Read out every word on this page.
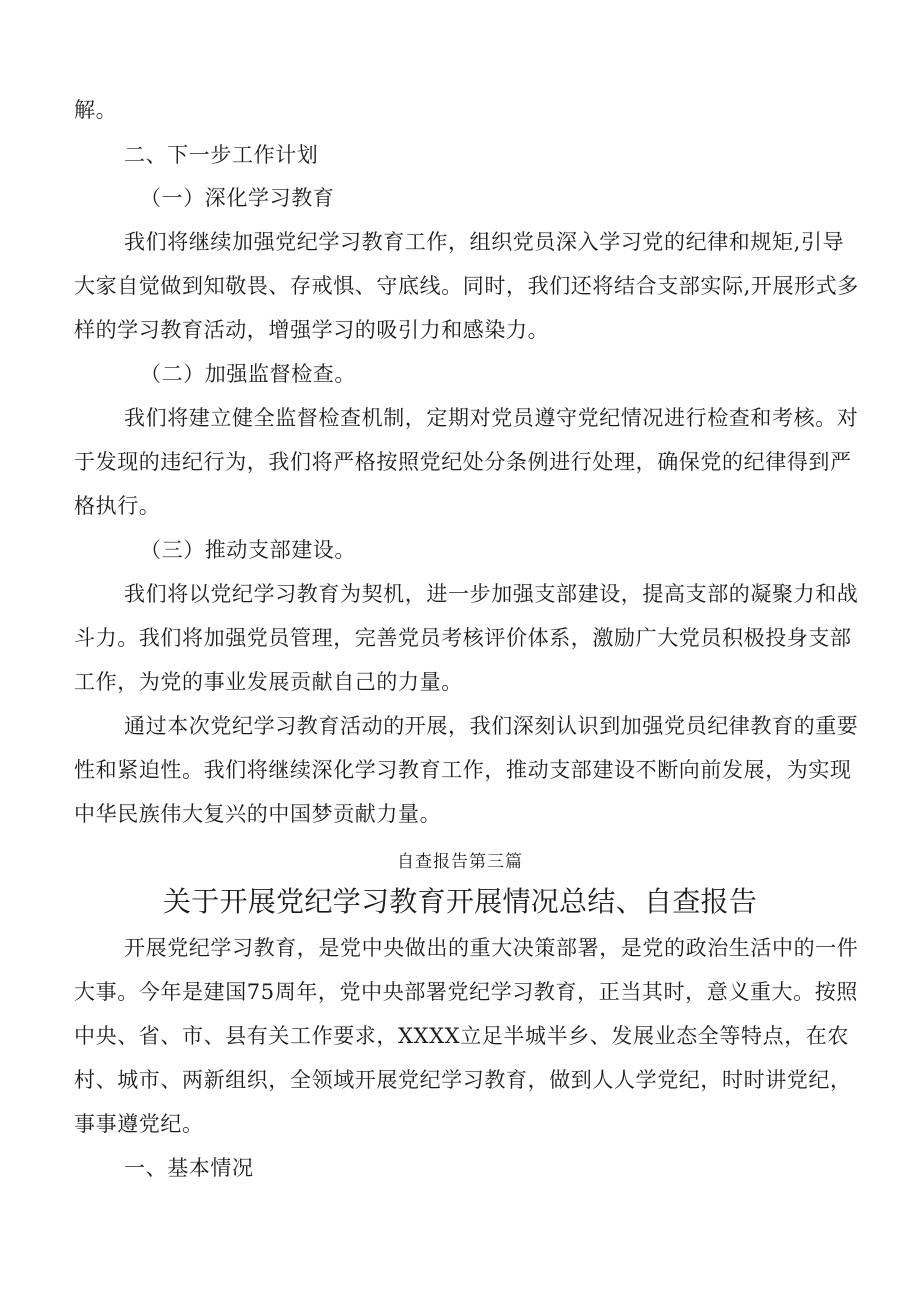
解。
二、下一步工作计划
（一）深化学习教育
我们将继续加强党纪学习教育工作，组织党员深入学习党的纪律和规矩,引导
大家自觉做到知敬畏、存戒惧、守底线。同时，我们还将结合支部实际,开展形式多
样的学习教育活动，增强学习的吸引力和感染力。
（二）加强监督检查。
我们将建立健全监督检查机制，定期对党员遵守党纪情况进行检查和考核。对
于发现的违纪行为，我们将严格按照党纪处分条例进行处理，确保党的纪律得到严
格执行。
（三）推动支部建设。
我们将以党纪学习教育为契机，进一步加强支部建设，提高支部的凝聚力和战
斗力。我们将加强党员管理，完善党员考核评价体系，激励广大党员积极投身支部
工作，为党的事业发展贡献自己的力量。
通过本次党纪学习教育活动的开展，我们深刻认识到加强党员纪律教育的重要
性和紧迫性。我们将继续深化学习教育工作，推动支部建设不断向前发展，为实现
中华民族伟大复兴的中国梦贡献力量。
自查报告第三篇
关于开展党纪学习教育开展情况总结、自查报告
开展党纪学习教育，是党中央做出的重大决策部署，是党的政治生活中的一件
大事。今年是建国75周年，党中央部署党纪学习教育，正当其时，意义重大。按照
中央、省、市、县有关工作要求，XXXX立足半城半乡、发展业态全等特点，在农
村、城市、两新组织，全领域开展党纪学习教育，做到人人学党纪，时时讲党纪，
事事遵党纪。
一、基本情况
